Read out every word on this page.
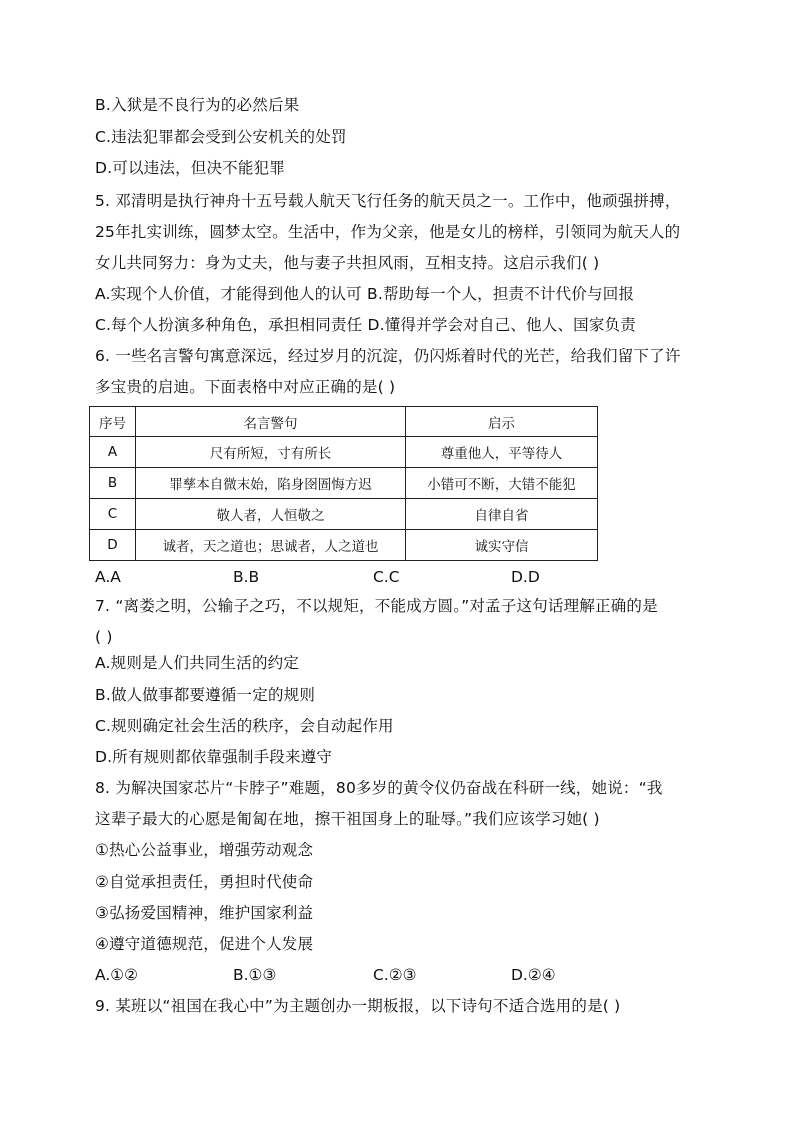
B.入狱是不良行为的必然后果
C.违法犯罪都会受到公安机关的处罚
D.可以违法，但决不能犯罪
5. 邓清明是执行神舟十五号载人航天飞行任务的航天员之一。工作中，他顽强拼搏，
25年扎实训练，圆梦太空。生活中，作为父亲，他是女儿的榜样，引领同为航天人的
女儿共同努力：身为丈夫，他与妻子共担风雨，互相支持。这启示我们( )
A.实现个人价值，才能得到他人的认可 B.帮助每一个人，担责不计代价与回报
C.每个人扮演多种角色，承担相同责任 D.懂得并学会对自己、他人、国家负责
6. 一些名言警句寓意深远，经过岁月的沉淀，仍闪烁着时代的光芒，给我们留下了许
多宝贵的启迪。下面表格中对应正确的是( )
序号	名言警句	启示
A	尺有所短，寸有所长	尊重他人，平等待人
B	罪孳本自微末始，陷身囹圄悔方迟	小错可不断，大错不能犯
C	敬人者，人恒敬之	自律自省
D	诚者，天之道也；思诚者，人之道也	诚实守信
A.A	B.B	C.C	D.D
7. “离娄之明，公输子之巧，不以规矩，不能成方圆。”对孟子这句话理解正确的是
( )
A.规则是人们共同生活的约定
B.做人做事都要遵循一定的规则
C.规则确定社会生活的秩序，会自动起作用
D.所有规则都依靠强制手段来遵守
8. 为解决国家芯片“卡脖子”难题，80多岁的黄令仪仍奋战在科研一线，她说：“我
这辈子最大的心愿是匍匐在地，擦干祖国身上的耻辱。”我们应该学习她( )
①热心公益事业，增强劳动观念
②自觉承担责任，勇担时代使命
③弘扬爱国精神，维护国家利益
④遵守道德规范，促进个人发展
A.①②	B.①③	C.②③	D.②④
9. 某班以“祖国在我心中”为主题创办一期板报，以下诗句不适合选用的是( )
